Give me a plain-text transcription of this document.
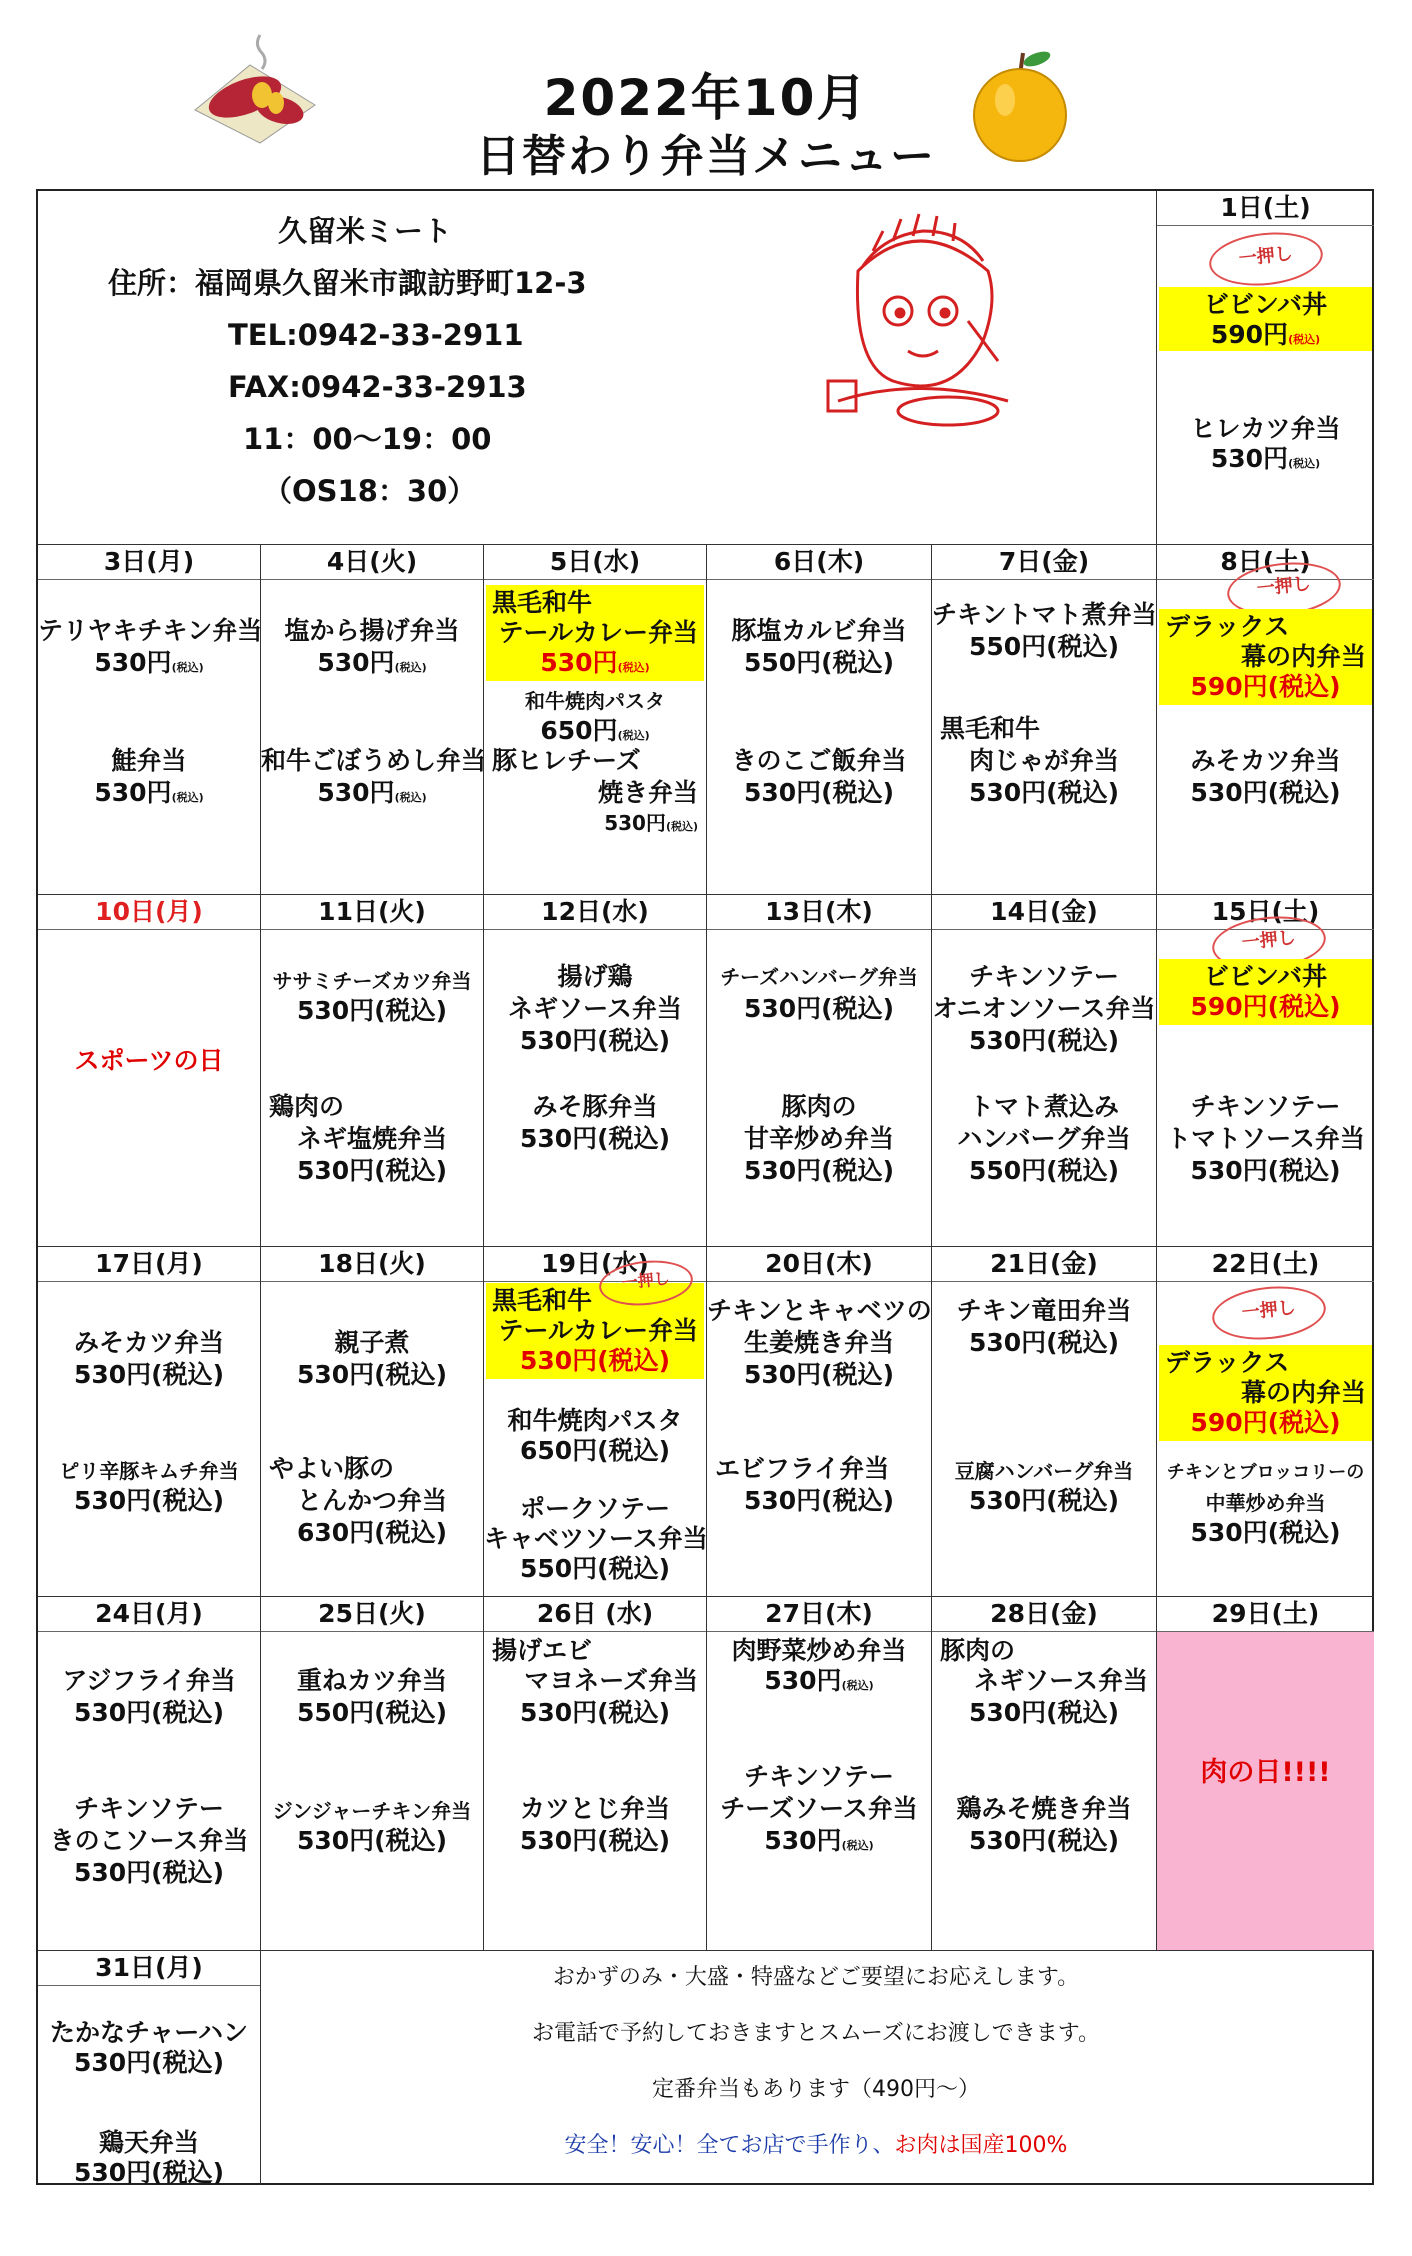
2022年10月
日替わり弁当メニュー
久留米ミート
住所：福岡県久留米市諏訪野町12-3
TEL:0942-33-2911
FAX:0942-33-2913
11：00～19：00
（OS18：30）
1日(土)
一押し
ビビンバ丼
590円(税込)
ヒレカツ弁当
530円(税込)
3日(月)
テリヤキチキン弁当
530円(税込)
鮭弁当
530円(税込)
4日(火)
塩から揚げ弁当
530円(税込)
和牛ごぼうめし弁当
530円(税込)
5日(水)
黒毛和牛
テールカレー弁当
530円(税込)
和牛焼肉パスタ
650円(税込)
豚ヒレチーズ
焼き弁当
530円(税込)
6日(木)
豚塩カルビ弁当
550円(税込)
きのこご飯弁当
530円(税込)
7日(金)
チキントマト煮弁当
550円(税込)
黒毛和牛
肉じゃが弁当
530円(税込)
8日(土)
一押し
デラックス
幕の内弁当
590円(税込)
みそカツ弁当
530円(税込)
10日(月)
スポーツの日
11日(火)
ササミチーズカツ弁当
530円(税込)
鶏肉の
ネギ塩焼弁当
530円(税込)
12日(水)
揚げ鶏
ネギソース弁当
530円(税込)
みそ豚弁当
530円(税込)
13日(木)
チーズハンバーグ弁当
530円(税込)
豚肉の
甘辛炒め弁当
530円(税込)
14日(金)
チキンソテー
オニオンソース弁当
530円(税込)
トマト煮込み
ハンバーグ弁当
550円(税込)
15日(土)
一押し
ビビンバ丼
590円(税込)
チキンソテー
トマトソース弁当
530円(税込)
17日(月)
みそカツ弁当
530円(税込)
ピリ辛豚キムチ弁当
530円(税込)
18日(火)
親子煮
530円(税込)
やよい豚の
とんかつ弁当
630円(税込)
19日(水)
一押し
黒毛和牛
テールカレー弁当
530円(税込)
和牛焼肉パスタ
650円(税込)
ポークソテー
キャベツソース弁当
550円(税込)
20日(木)
チキンとキャベツの
生姜焼き弁当
530円(税込)
エビフライ弁当
530円(税込)
21日(金)
チキン竜田弁当
530円(税込)
豆腐ハンバーグ弁当
530円(税込)
22日(土)
一押し
デラックス
幕の内弁当
590円(税込)
チキンとブロッコリーの
中華炒め弁当
530円(税込)
24日(月)
アジフライ弁当
530円(税込)
チキンソテー
きのこソース弁当
530円(税込)
25日(火)
重ねカツ弁当
550円(税込)
ジンジャーチキン弁当
530円(税込)
26日 (水)
揚げエビ
マヨネーズ弁当
530円(税込)
カツとじ弁当
530円(税込)
27日(木)
肉野菜炒め弁当
530円(税込)
チキンソテー
チーズソース弁当
530円(税込)
28日(金)
豚肉の
ネギソース弁当
530円(税込)
鶏みそ焼き弁当
530円(税込)
29日(土)
肉の日!!!!
31日(月)
たかなチャーハン
530円(税込)
鶏天弁当
530円(税込)
おかずのみ・大盛・特盛などご要望にお応えします。
お電話で予約しておきますとスムーズにお渡しできます。
定番弁当もあります（490円～）
安全！安心！全てお店で手作り、お肉は国産100%
